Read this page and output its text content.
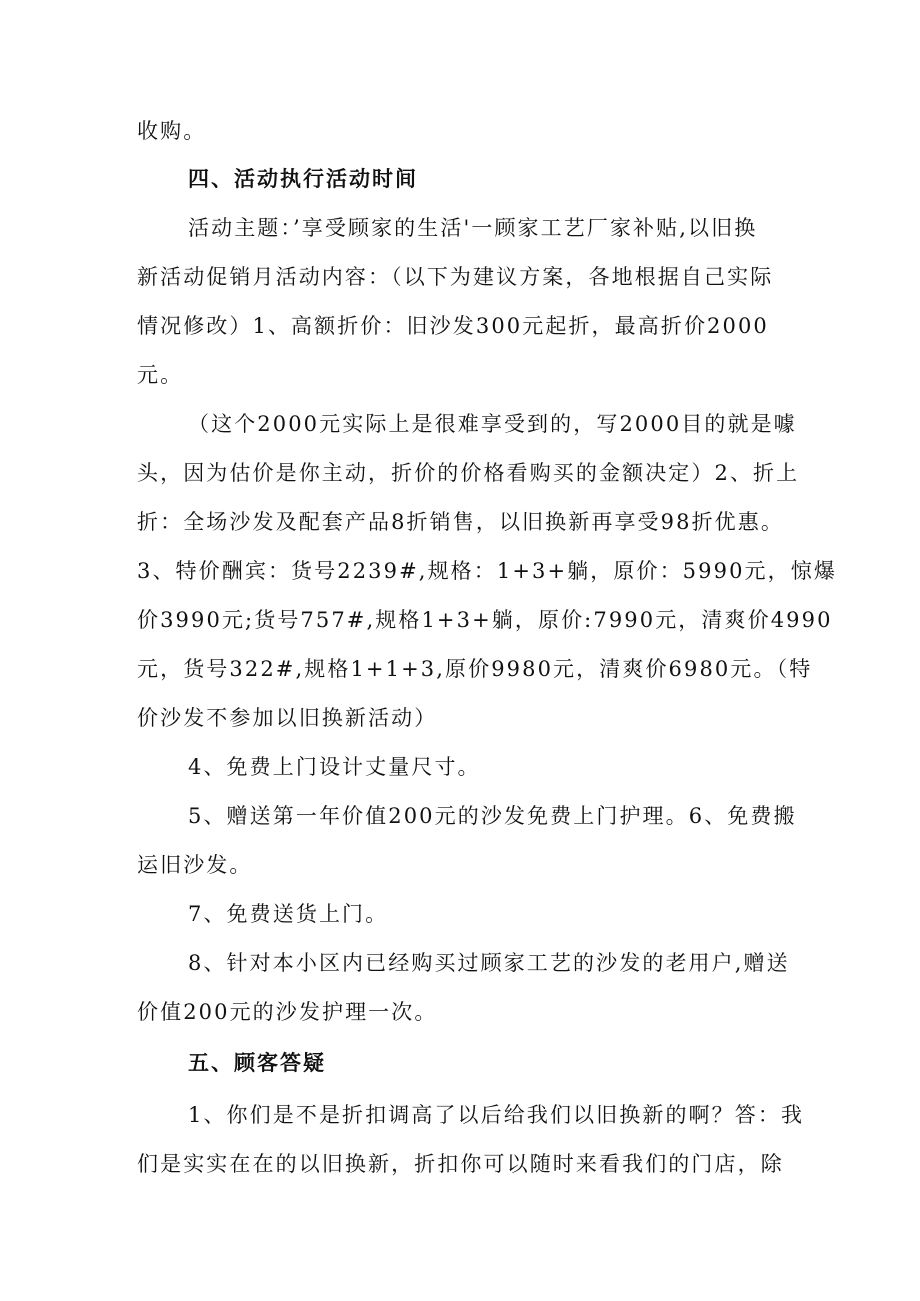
收购。

四、活动执行活动时间

活动主题：’享受顾家的生活'一顾家工艺厂家补贴,以旧换

新活动促销月活动内容：（以下为建议方案，各地根据自己实际

情况修改）1、高额折价：旧沙发300元起折，最高折价2000

元。

（这个2000元实际上是很难享受到的，写2000目的就是噱

头，因为估价是你主动，折价的价格看购买的金额决定）2、折上

折：全场沙发及配套产品8折销售，以旧换新再享受98折优惠。

3、特价酬宾：货号2239#,规格：1+3+躺，原价：5990元，惊爆

价3990元;货号757#,规格1+3+躺，原价:7990元，清爽价4990

元，货号322#,规格1+1+3,原价9980元，清爽价6980元。（特

价沙发不参加以旧换新活动）

4、免费上门设计丈量尺寸。

5、赠送第一年价值200元的沙发免费上门护理。6、免费搬

运旧沙发。

7、免费送货上门。

8、针对本小区内已经购买过顾家工艺的沙发的老用户,赠送

价值200元的沙发护理一次。

五、顾客答疑

1、你们是不是折扣调高了以后给我们以旧换新的啊？答：我

们是实实在在的以旧换新，折扣你可以随时来看我们的门店，除
